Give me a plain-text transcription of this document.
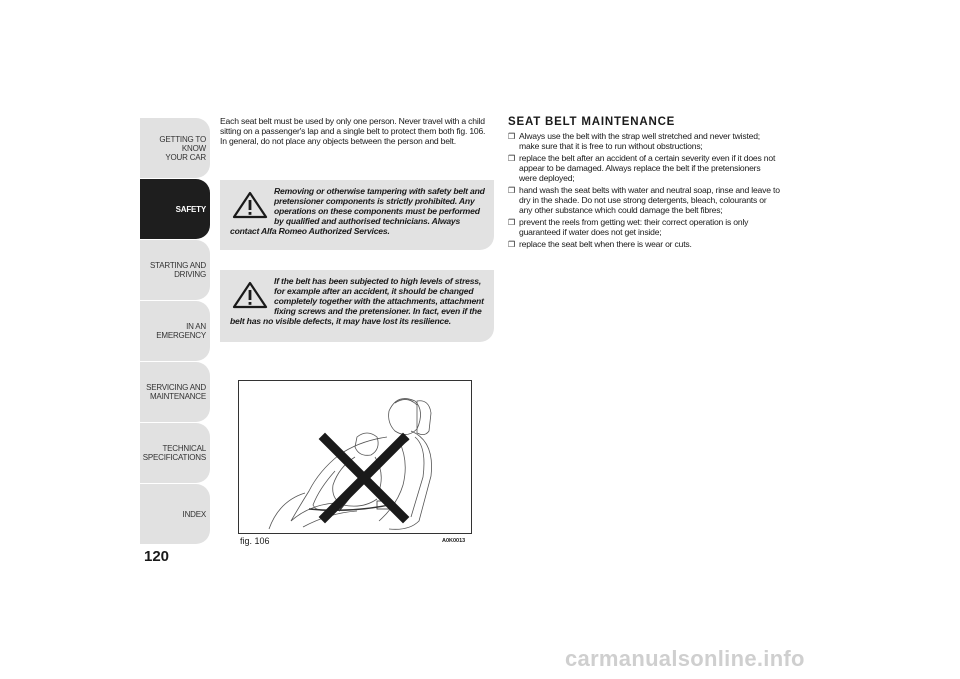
GETTING TO KNOW
YOUR CAR
SAFETY
STARTING AND
DRIVING
IN AN EMERGENCY
SERVICING AND
MAINTENANCE
TECHNICAL
SPECIFICATIONS
INDEX
120

Each seat belt must be used by only one person. Never travel with a child sitting on a passenger's lap and a single belt to protect them both fig. 106. In general, do not place any objects between the person and belt.

Removing or otherwise tampering with safety belt and pretensioner components is strictly prohibited. Any operations on these components must be performed by qualified and authorised technicians. Always contact Alfa Romeo Authorized Services.

If the belt has been subjected to high levels of stress, for example after an accident, it should be changed completely together with the attachments, attachment fixing screws and the pretensioner. In fact, even if the belt has no visible defects, it may have lost its resilience.

fig. 106	A0K0013
SEAT BELT MAINTENANCE
❒ Always use the belt with the strap well stretched and never twisted; make sure that it is free to run without obstructions;
❒ replace the belt after an accident of a certain severity even if it does not appear to be damaged. Always replace the belt if the pretensioners were deployed;
❒ hand wash the seat belts with water and neutral soap, rinse and leave to dry in the shade. Do not use strong detergents, bleach, colourants or any other substance which could damage the belt fibres;
❒ prevent the reels from getting wet: their correct operation is only guaranteed if water does not get inside;
❒ replace the seat belt when there is wear or cuts.
carmanualsonline.info
